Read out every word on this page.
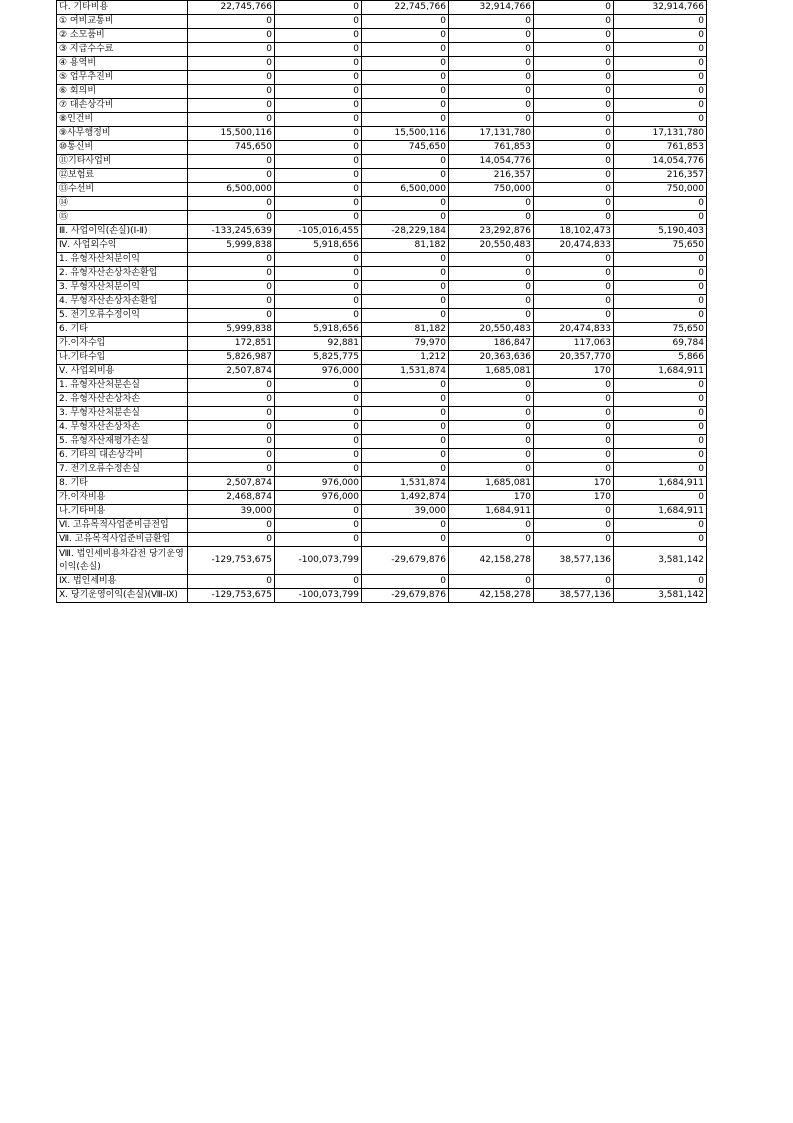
다. 기타비용	22,745,766	0	22,745,766	32,914,766	0	32,914,766
① 여비교통비	0	0	0	0	0	0
② 소모품비	0	0	0	0	0	0
③ 지급수수료	0	0	0	0	0	0
④ 용역비	0	0	0	0	0	0
⑤ 업무추진비	0	0	0	0	0	0
⑥ 회의비	0	0	0	0	0	0
⑦ 대손상각비	0	0	0	0	0	0
⑧인건비	0	0	0	0	0	0
⑨사무행정비	15,500,116	0	15,500,116	17,131,780	0	17,131,780
⑩통신비	745,650	0	745,650	761,853	0	761,853
⑪기타사업비	0	0	0	14,054,776	0	14,054,776
⑫보험료	0	0	0	216,357	0	216,357
⑬수선비	6,500,000	0	6,500,000	750,000	0	750,000
⑭	0	0	0	0	0	0
⑮	0	0	0	0	0	0
Ⅲ. 사업이익(손실)(Ⅰ-Ⅱ)	-133,245,639	-105,016,455	-28,229,184	23,292,876	18,102,473	5,190,403
Ⅳ. 사업외수익	5,999,838	5,918,656	81,182	20,550,483	20,474,833	75,650
1. 유형자산처분이익	0	0	0	0	0	0
2. 유형자산손상차손환입	0	0	0	0	0	0
3. 무형자산처분이익	0	0	0	0	0	0
4. 무형자산손상차손환입	0	0	0	0	0	0
5. 전기오류수정이익	0	0	0	0	0	0
6. 기타	5,999,838	5,918,656	81,182	20,550,483	20,474,833	75,650
가.이자수입	172,851	92,881	79,970	186,847	117,063	69,784
나.기타수입	5,826,987	5,825,775	1,212	20,363,636	20,357,770	5,866
Ⅴ. 사업외비용	2,507,874	976,000	1,531,874	1,685,081	170	1,684,911
1. 유형자산처분손실	0	0	0	0	0	0
2. 유형자산손상차손	0	0	0	0	0	0
3. 무형자산처분손실	0	0	0	0	0	0
4. 무형자산손상차손	0	0	0	0	0	0
5. 유형자산재평가손실	0	0	0	0	0	0
6. 기타의 대손상각비	0	0	0	0	0	0
7. 전기오류수정손실	0	0	0	0	0	0
8. 기타	2,507,874	976,000	1,531,874	1,685,081	170	1,684,911
가.이자비용	2,468,874	976,000	1,492,874	170	170	0
나.기타비용	39,000	0	39,000	1,684,911	0	1,684,911
Ⅵ. 고유목적사업준비금전입	0	0	0	0	0	0
Ⅶ. 고유목적사업준비금환입	0	0	0	0	0	0
Ⅷ. 법인세비용차감전 당기운영이익(손실)	-129,753,675	-100,073,799	-29,679,876	42,158,278	38,577,136	3,581,142
Ⅸ. 법인세비용	0	0	0	0	0	0
Ⅹ. 당기운영이익(손실)(Ⅷ-Ⅸ)	-129,753,675	-100,073,799	-29,679,876	42,158,278	38,577,136	3,581,142
